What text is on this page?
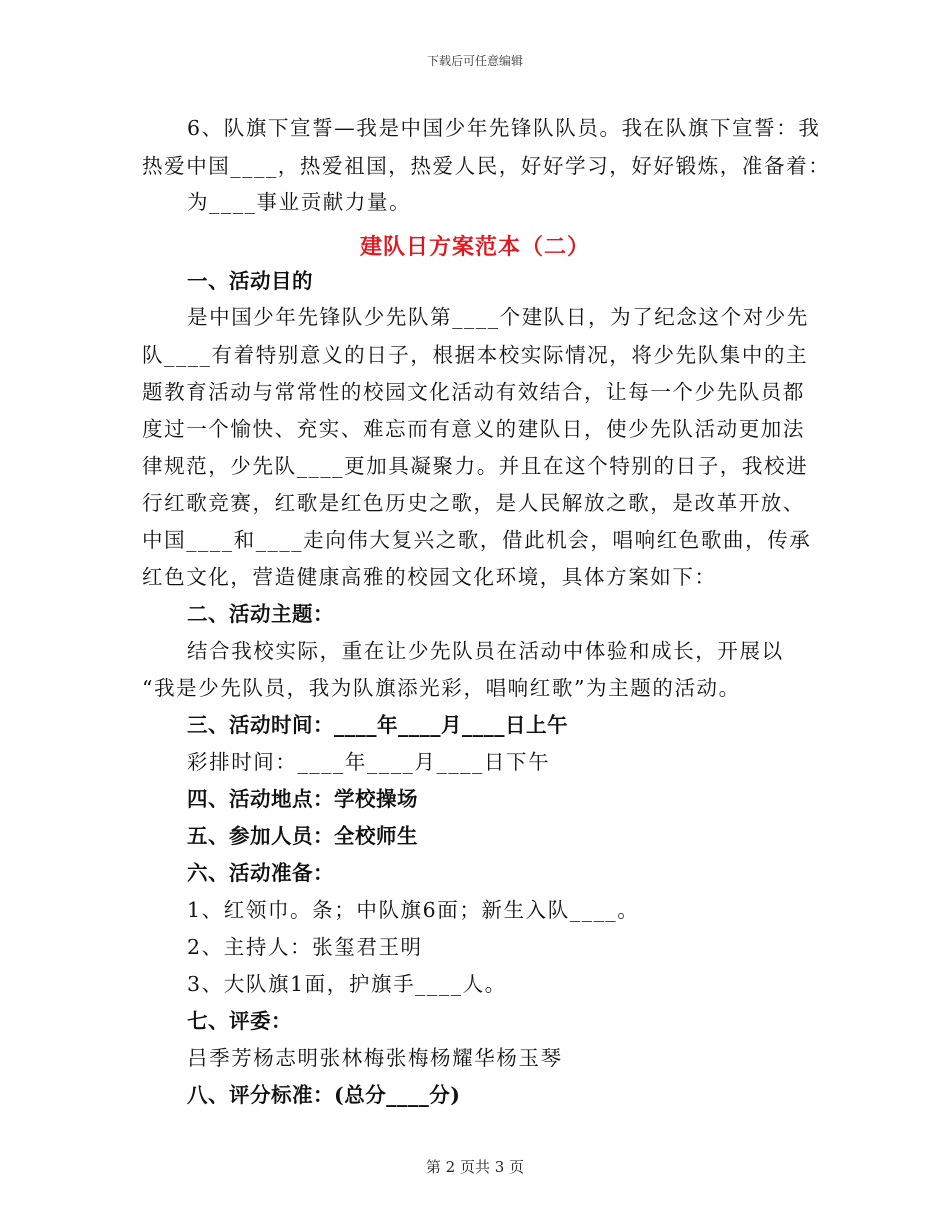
下载后可任意编辑
6、队旗下宣誓—我是中国少年先锋队队员。我在队旗下宣誓：我
热爱中国____，热爱祖国，热爱人民，好好学习，好好锻炼，准备着：
为____事业贡献力量。
建队日方案范本（二）
一、活动目的
是中国少年先锋队少先队第____个建队日，为了纪念这个对少先
队____有着特别意义的日子，根据本校实际情况，将少先队集中的主
题教育活动与常常性的校园文化活动有效结合，让每一个少先队员都
度过一个愉快、充实、难忘而有意义的建队日，使少先队活动更加法
律规范，少先队____更加具凝聚力。并且在这个特别的日子，我校进
行红歌竞赛，红歌是红色历史之歌，是人民解放之歌，是改革开放、
中国____和____走向伟大复兴之歌，借此机会，唱响红色歌曲，传承
红色文化，营造健康高雅的校园文化环境，具体方案如下：
二、活动主题：
结合我校实际，重在让少先队员在活动中体验和成长，开展以
“我是少先队员，我为队旗添光彩，唱响红歌”为主题的活动。
三、活动时间：____年____月____日上午
彩排时间：____年____月____日下午
四、活动地点：学校操场
五、参加人员：全校师生
六、活动准备：
1、红领巾。条；中队旗6面；新生入队____。
2、主持人：张玺君王明
3、大队旗1面，护旗手____人。
七、评委：
吕季芳杨志明张林梅张梅杨耀华杨玉琴
八、评分标准：(总分____分)
第 2 页共 3 页
